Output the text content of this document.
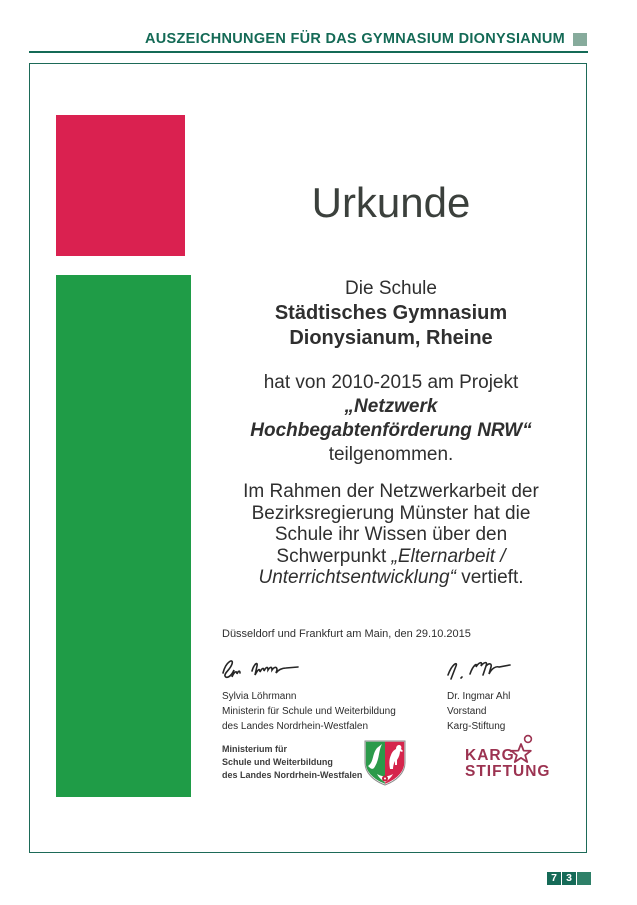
AUSZEICHNUNGEN FÜR DAS GYMNASIUM DIONYSIANUM
Urkunde
Die Schule
Städtisches Gymnasium
Dionysianum, Rheine
hat von 2010-2015 am Projekt
„Netzwerk
Hochbegabtenförderung NRW“
teilgenommen.
Im Rahmen der Netzwerkarbeit der
Bezirksregierung Münster hat die
Schule ihr Wissen über den
Schwerpunkt „Elternarbeit /
Unterrichtsentwicklung“ vertieft.
Düsseldorf und Frankfurt am Main, den 29.10.2015
Sylvia Löhrmann
Ministerin für Schule und Weiterbildung
des Landes Nordrhein-Westfalen
Dr. Ingmar Ahl
Vorstand
Karg-Stiftung
Ministerium für
Schule und Weiterbildung
des Landes Nordrhein-Westfalen
KARG
STIFTUNG
7 3
